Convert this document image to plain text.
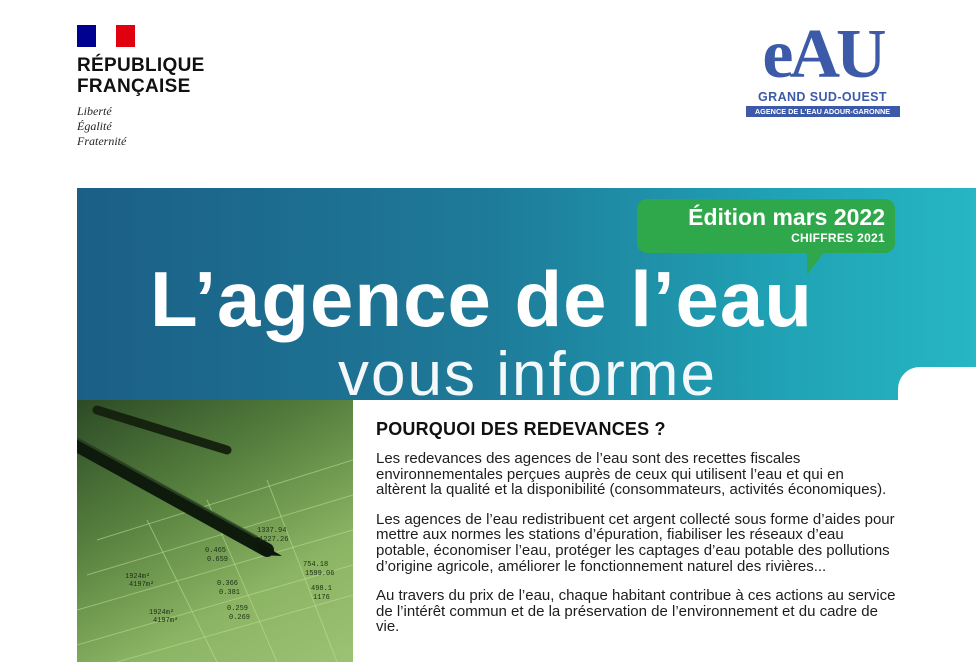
RÉPUBLIQUE
FRANÇAISE
Liberté
Égalité
Fraternité
eAU
GRAND SUD-OUEST
AGENCE DE L'EAU ADOUR-GARONNE
Édition mars 2022
CHIFFRES 2021
L’agence de l’eau
vous informe
1924m²
4197m²
0.465
0.659
1337.94
1227.26
0.366
0.381
754.18
1599.06
1924m²
4197m²
0.259
0.269
498.1
1176
POURQUOI DES REDEVANCES ?

Les redevances des agences de l’eau sont des recettes fiscales environnementales perçues auprès de ceux qui utilisent l’eau et qui en altèrent la qualité et la disponibilité (consommateurs, activités économiques).

Les agences de l’eau redistribuent cet argent collecté sous forme d’aides pour mettre aux normes les stations d’épuration, fiabiliser les réseaux d’eau potable, économiser l’eau, protéger les captages d’eau potable des pollutions d’origine agricole, améliorer le fonctionnement naturel des rivières...

Au travers du prix de l’eau, chaque habitant contribue à ces actions au service de l’intérêt commun et de la préservation de l’environnement et du cadre de vie.
